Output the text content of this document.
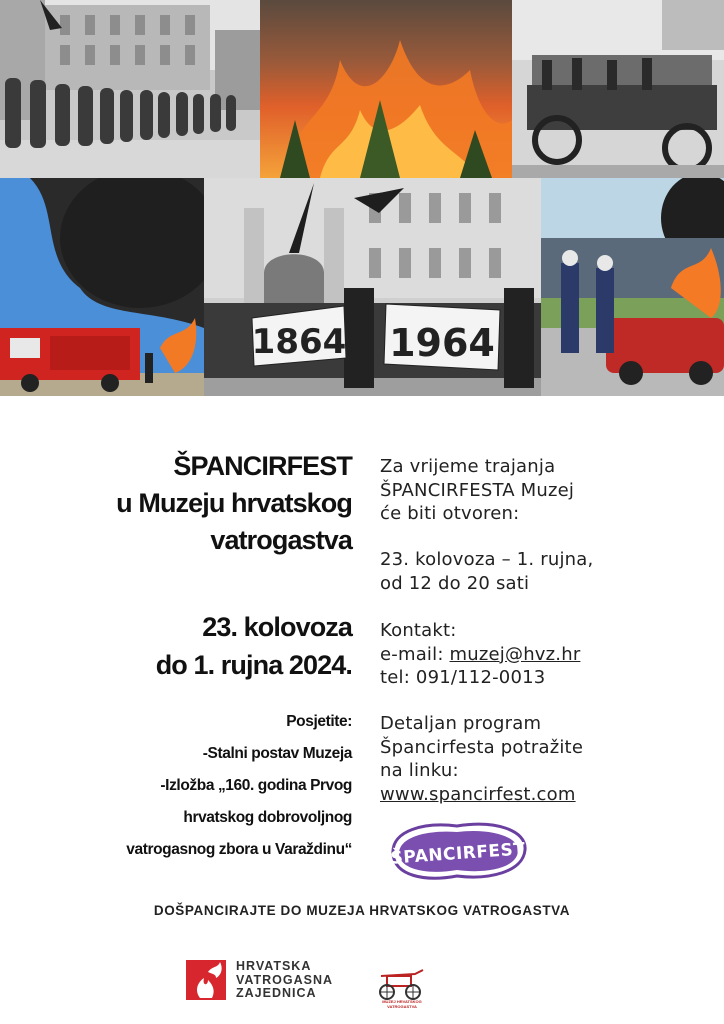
1864 1964
ŠPANCIRFEST
u Muzeju hrvatskog
vatrogastva
23. kolovoza
do 1. rujna 2024.
Posjetite:
-Stalni postav Muzeja
-Izložba „160. godina Prvog
hrvatskog dobrovoljnog
vatrogasnog zbora u Varaždinu“
Za vrijeme trajanja
ŠPANCIRFESTA Muzej
će biti otvoren:
23. kolovoza – 1. rujna,
od 12 do 20 sati
Kontakt:
e-mail: muzej@hvz.hr
tel: 091/112-0013
Detaljan program
Špancirfesta potražite
na linku:
www.spancirfest.com
ŠPANCIRFEST
DOŠPANCIRAJTE DO MUZEJA HRVATSKOG VATROGASTVA
HRVATSKA
VATROGASNA
ZAJEDNICA
MUZEJ HRVATSKOG
VATROGASTVA
